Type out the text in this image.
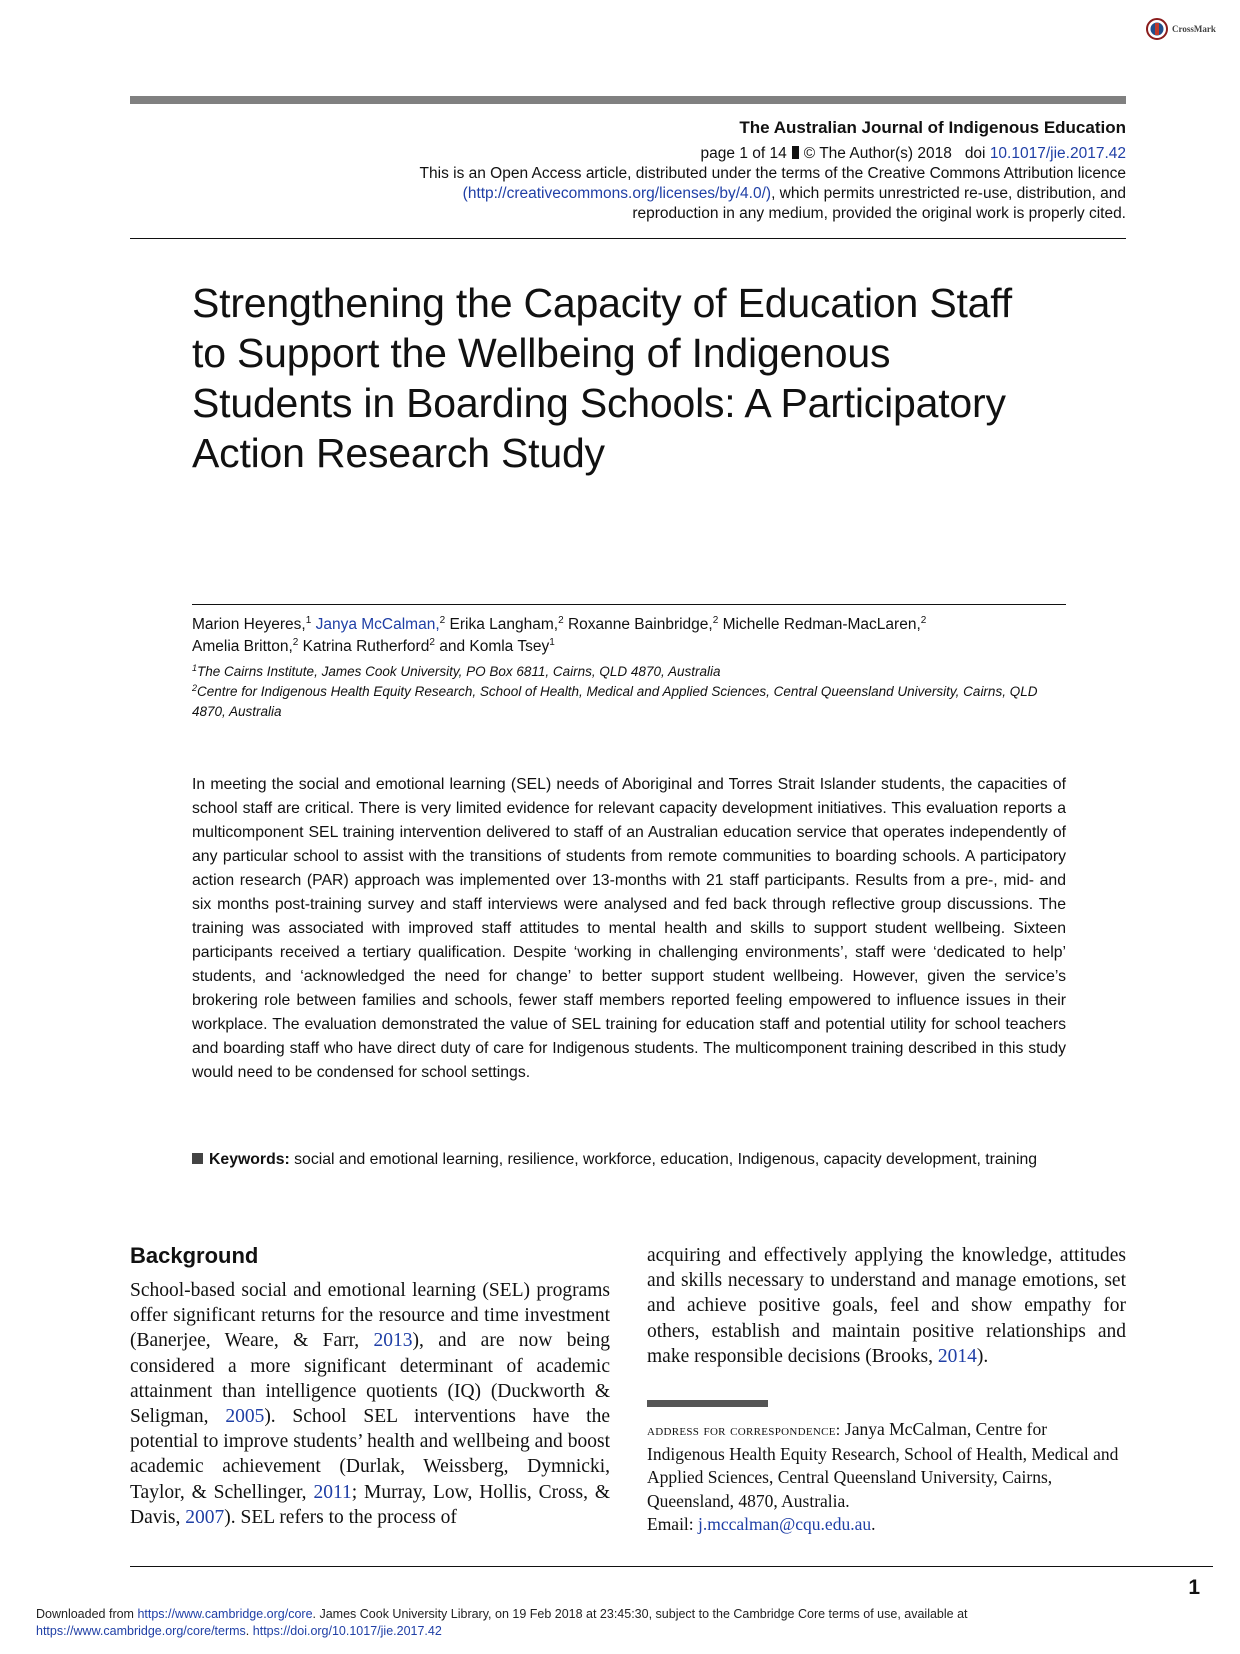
CrossMark
The Australian Journal of Indigenous Education
page 1 of 14 © The Author(s) 2018 doi 10.1017/jie.2017.42
This is an Open Access article, distributed under the terms of the Creative Commons Attribution licence
(http://creativecommons.org/licenses/by/4.0/), which permits unrestricted re-use, distribution, and
reproduction in any medium, provided the original work is properly cited.
Strengthening the Capacity of Education Staff
to Support the Wellbeing of Indigenous
Students in Boarding Schools: A Participatory
Action Research Study
Marion Heyeres,$^1$ Janya McCalman,$^2$ Erika Langham,$^2$ Roxanne Bainbridge,$^2$ Michelle Redman-MacLaren,$^2$
Amelia Britton,$^2$ Katrina Rutherford$^2$ and Komla Tsey$^1$
$^1$The Cairns Institute, James Cook University, PO Box 6811, Cairns, QLD 4870, Australia
$^2$Centre for Indigenous Health Equity Research, School of Health, Medical and Applied Sciences, Central Queensland University, Cairns, QLD 4870, Australia

In meeting the social and emotional learning (SEL) needs of Aboriginal and Torres Strait Islander students, the capacities of school staff are critical. There is very limited evidence for relevant capacity development initiatives. This evaluation reports a multicomponent SEL training intervention delivered to staff of an Australian education service that operates independently of any particular school to assist with the transitions of students from remote communities to boarding schools. A participatory action research (PAR) approach was implemented over 13-months with 21 staff participants. Results from a pre-, mid- and six months post-training survey and staff interviews were analysed and fed back through reflective group discussions. The training was associated with improved staff attitudes to mental health and skills to support student wellbeing. Sixteen participants received a tertiary qualification. Despite ‘working in challenging environments’, staff were ‘dedicated to help’ students, and ‘acknowledged the need for change’ to better support student wellbeing. However, given the service’s brokering role between families and schools, fewer staff members reported feeling empowered to influence issues in their workplace. The evaluation demonstrated the value of SEL training for education staff and potential utility for school teachers and boarding staff who have direct duty of care for Indigenous students. The multicomponent training described in this study would need to be condensed for school settings.

Keywords: social and emotional learning, resilience, workforce, education, Indigenous, capacity development, training
Background

School-based social and emotional learning (SEL) programs offer significant returns for the resource and time investment (Banerjee, Weare, & Farr, 2013), and are now being considered a more significant determinant of academic attainment than intelligence quotients (IQ) (Duckworth & Seligman, 2005). School SEL interventions have the potential to improve students’ health and wellbeing and boost academic achievement (Durlak, Weissberg, Dymnicki, Taylor, & Schellinger, 2011; Murray, Low, Hollis, Cross, & Davis, 2007). SEL refers to the process of

acquiring and effectively applying the knowledge, attitudes and skills necessary to understand and manage emotions, set and achieve positive goals, feel and show empathy for others, establish and maintain positive relationships and make responsible decisions (Brooks, 2014).

address for correspondence: Janya McCalman, Centre for Indigenous Health Equity Research, School of Health, Medical and Applied Sciences, Central Queensland University, Cairns, Queensland, 4870, Australia.
Email: j.mccalman@cqu.edu.au.
1
Downloaded from https://www.cambridge.org/core. James Cook University Library, on 19 Feb 2018 at 23:45:30, subject to the Cambridge Core terms of use, available at
https://www.cambridge.org/core/terms. https://doi.org/10.1017/jie.2017.42
